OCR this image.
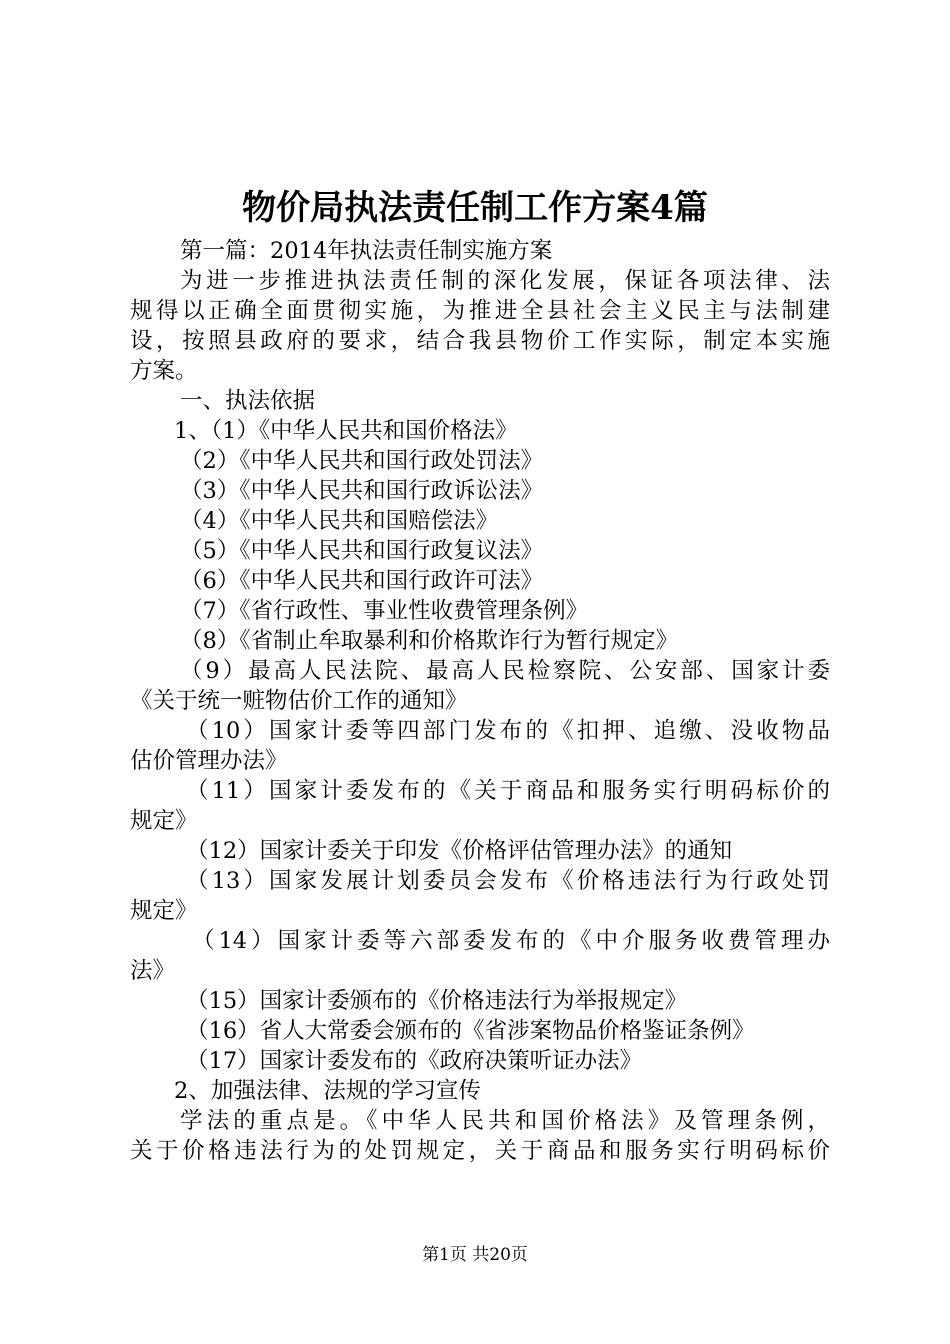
物价局执法责任制工作方案4篇
第一篇：2014年执法责任制实施方案
为进一步推进执法责任制的深化发展，保证各项法律、法
规得以正确全面贯彻实施，为推进全县社会主义民主与法制建
设，按照县政府的要求，结合我县物价工作实际，制定本实施
方案。
一、执法依据
1、（1）《中华人民共和国价格法》
（2）《中华人民共和国行政处罚法》
（3）《中华人民共和国行政诉讼法》
（4）《中华人民共和国赔偿法》
（5）《中华人民共和国行政复议法》
（6）《中华人民共和国行政许可法》
（7）《省行政性、事业性收费管理条例》
（8）《省制止牟取暴利和价格欺诈行为暂行规定》
（9）最高人民法院、最高人民检察院、公安部、国家计委
《关于统一赃物估价工作的通知》
（10）国家计委等四部门发布的《扣押、追缴、没收物品
估价管理办法》
（11）国家计委发布的《关于商品和服务实行明码标价的
规定》
（12）国家计委关于印发《价格评估管理办法》的通知
（13）国家发展计划委员会发布《价格违法行为行政处罚
规定》
（14）国家计委等六部委发布的《中介服务收费管理办
法》
（15）国家计委颁布的《价格违法行为举报规定》
（16）省人大常委会颁布的《省涉案物品价格鉴证条例》
（17）国家计委发布的《政府决策听证办法》
2、加强法律、法规的学习宣传
学法的重点是。《中华人民共和国价格法》及管理条例，
关于价格违法行为的处罚规定，关于商品和服务实行明码标价
第1页 共20页
